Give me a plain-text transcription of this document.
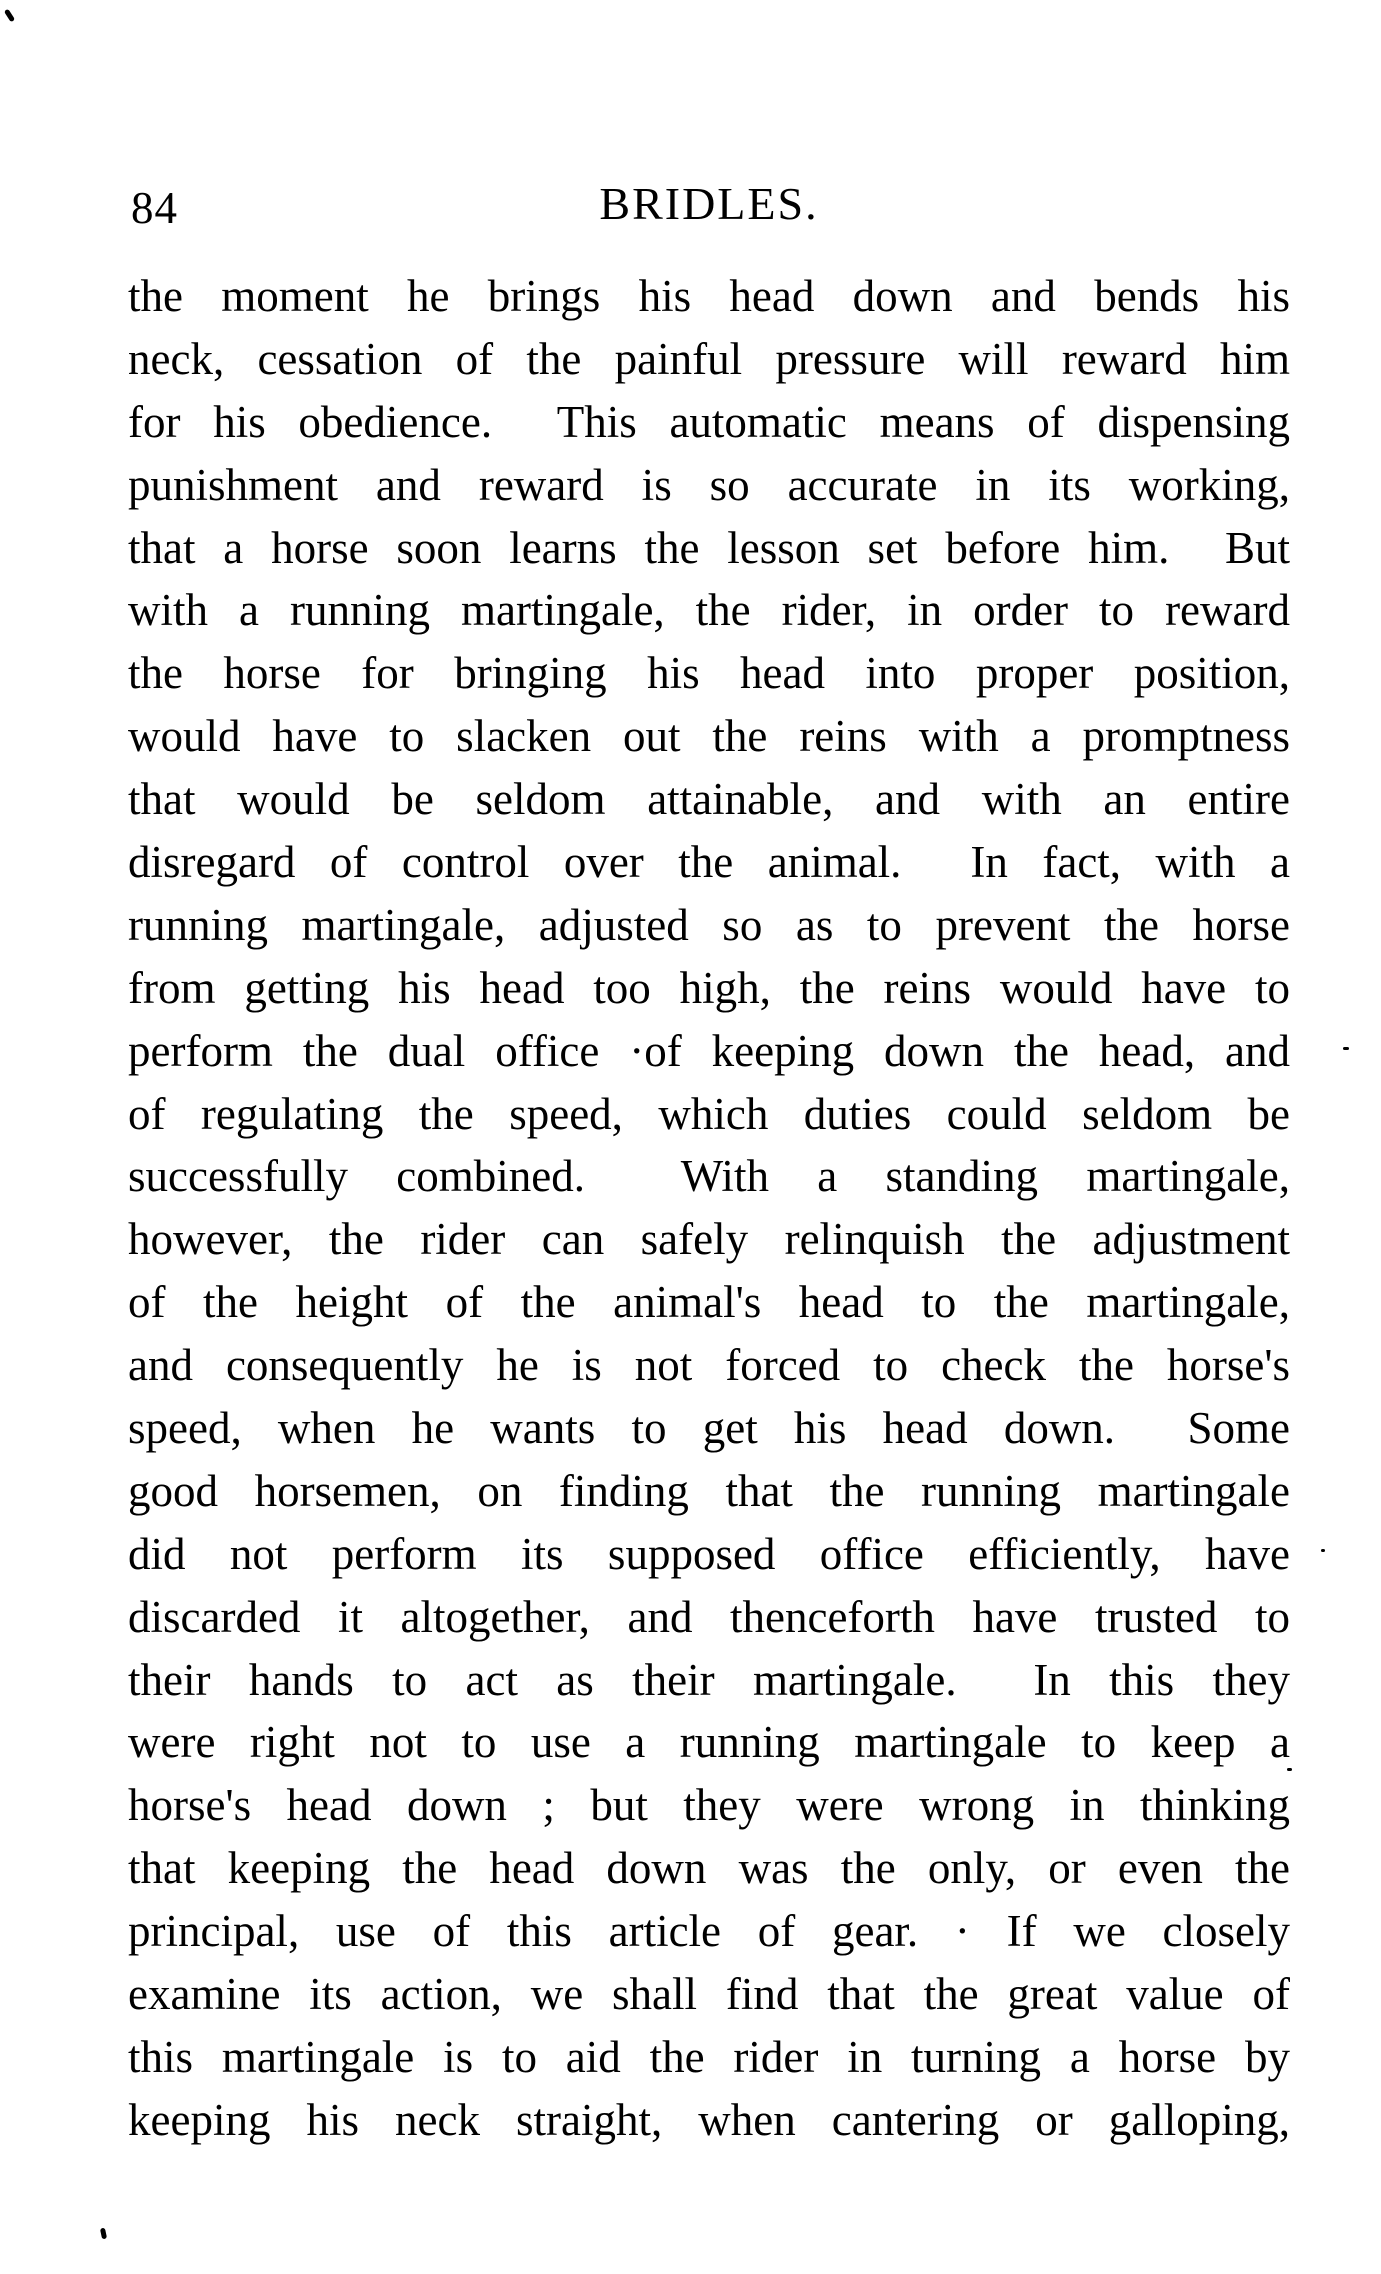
84	BRIDLES.
the moment he brings his head down and bends his
neck, cessation of the painful pressure will reward him
for his obedience.  This automatic means of dispensing
punishment and reward is so accurate in its working,
that a horse soon learns the lesson set before him.  But
with a running martingale, the rider, in order to reward
the horse for bringing his head into proper position,
would have to slacken out the reins with a promptness
that would be seldom attainable, and with an entire
disregard of control over the animal.  In fact, with a
running martingale, adjusted so as to prevent the horse
from getting his head too high, the reins would have to
perform the dual office ·of keeping down the head, and
of regulating the speed, which duties could seldom be
successfully combined.  With a standing martingale,
however, the rider can safely relinquish the adjustment
of the height of the animal's head to the martingale,
and consequently he is not forced to check the horse's
speed, when he wants to get his head down.  Some
good horsemen, on finding that the running martingale
did not perform its supposed office efficiently, have
discarded it altogether, and thenceforth have trusted to
their hands to act as their martingale.  In this they
were right not to use a running martingale to keep a
horse's head down ; but they were wrong in thinking
that keeping the head down was the only, or even the
principal, use of this article of gear. · If we closely
examine its action, we shall find that the great value of
this martingale is to aid the rider in turning a horse by
keeping his neck straight, when cantering or galloping,
